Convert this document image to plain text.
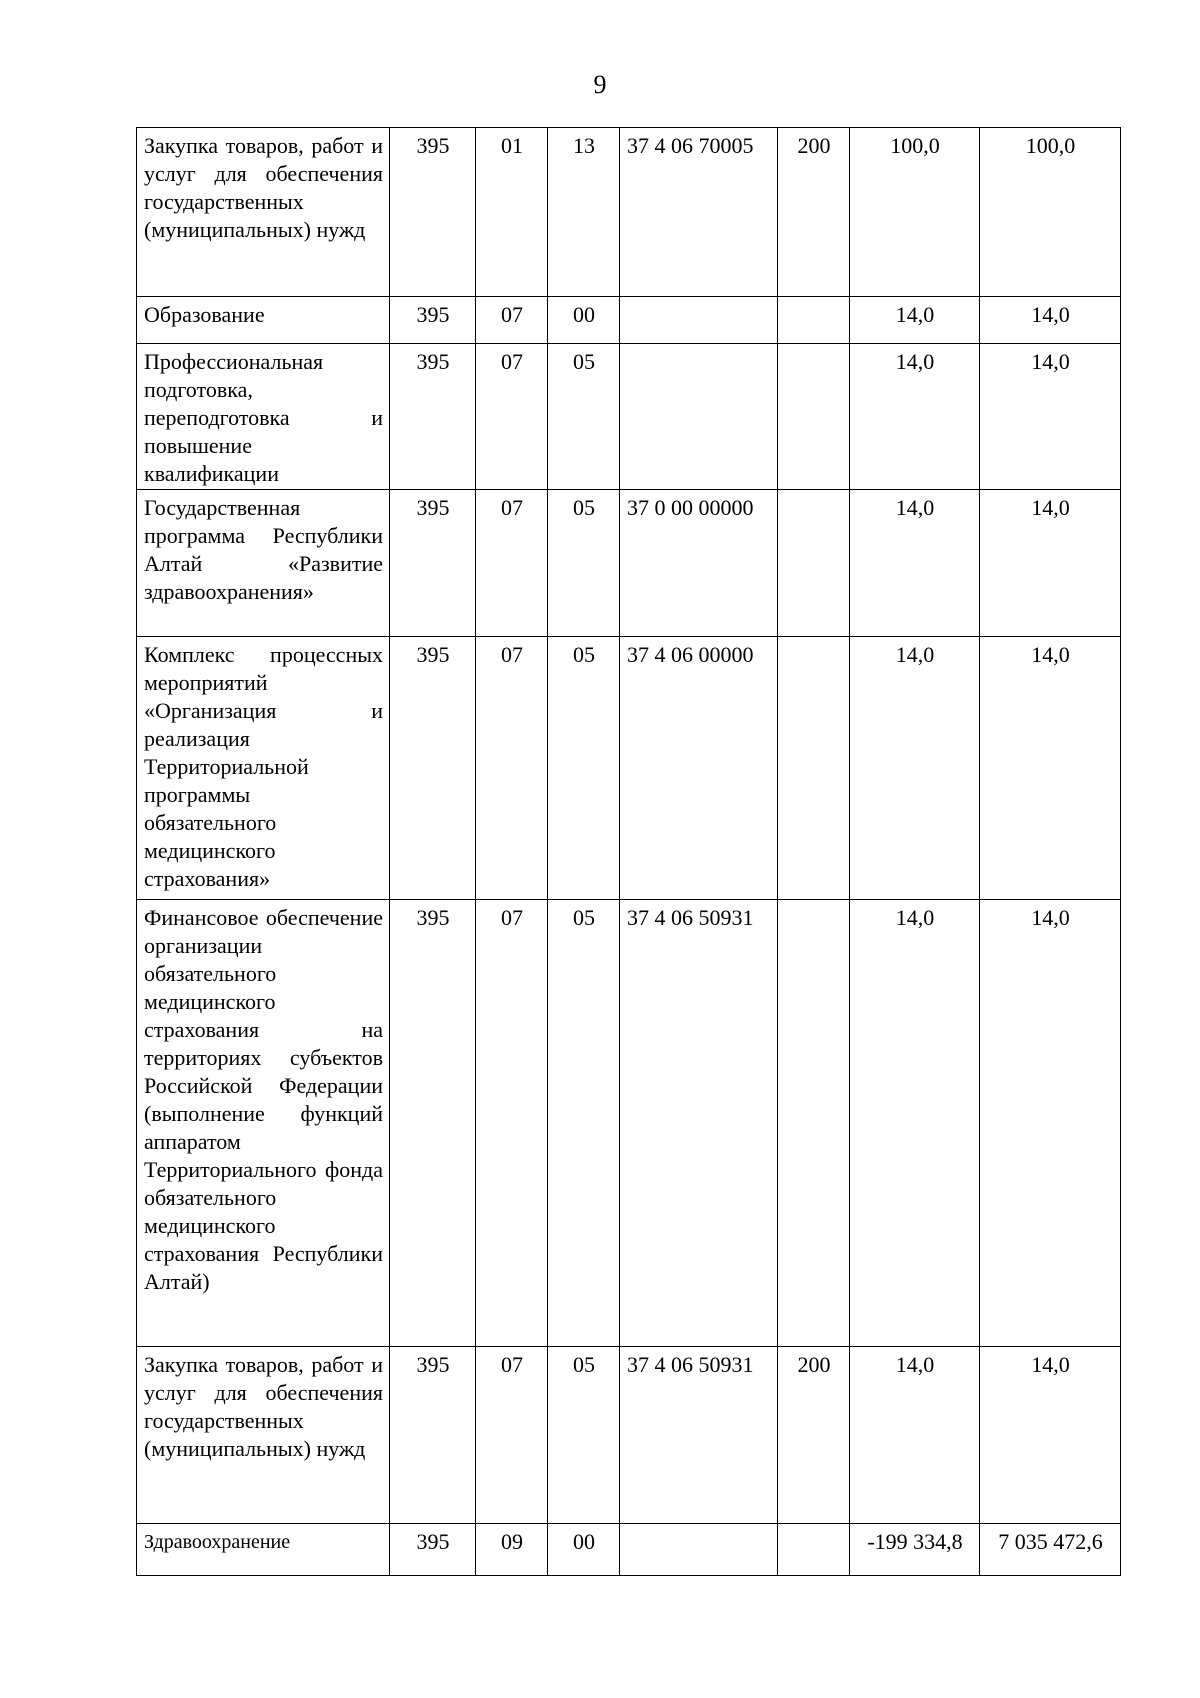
9
Закупка товаров, работ и услуг для обеспечения государственных (муниципальных) нужд	395	01	13	37 4 06 70005	200	100,0	100,0
Образование	395	07	00			14,0	14,0
Профессиональная подготовка, переподготовка и повышение квалификации	395	07	05			14,0	14,0
Государственная программа Республики Алтай «Развитие здравоохранения»	395	07	05	37 0 00 00000		14,0	14,0
Комплекс процессных мероприятий «Организация и реализация Территориальной программы обязательного медицинского страхования»	395	07	05	37 4 06 00000		14,0	14,0
Финансовое обеспечение организации обязательного медицинского страхования на территориях субъектов Российской Федерации (выполнение функций аппаратом Территориального фонда обязательного медицинского страхования Республики Алтай)	395	07	05	37 4 06 50931		14,0	14,0
Закупка товаров, работ и услуг для обеспечения государственных (муниципальных) нужд	395	07	05	37 4 06 50931	200	14,0	14,0
Здравоохранение	395	09	00			-199 334,8	7 035 472,6
